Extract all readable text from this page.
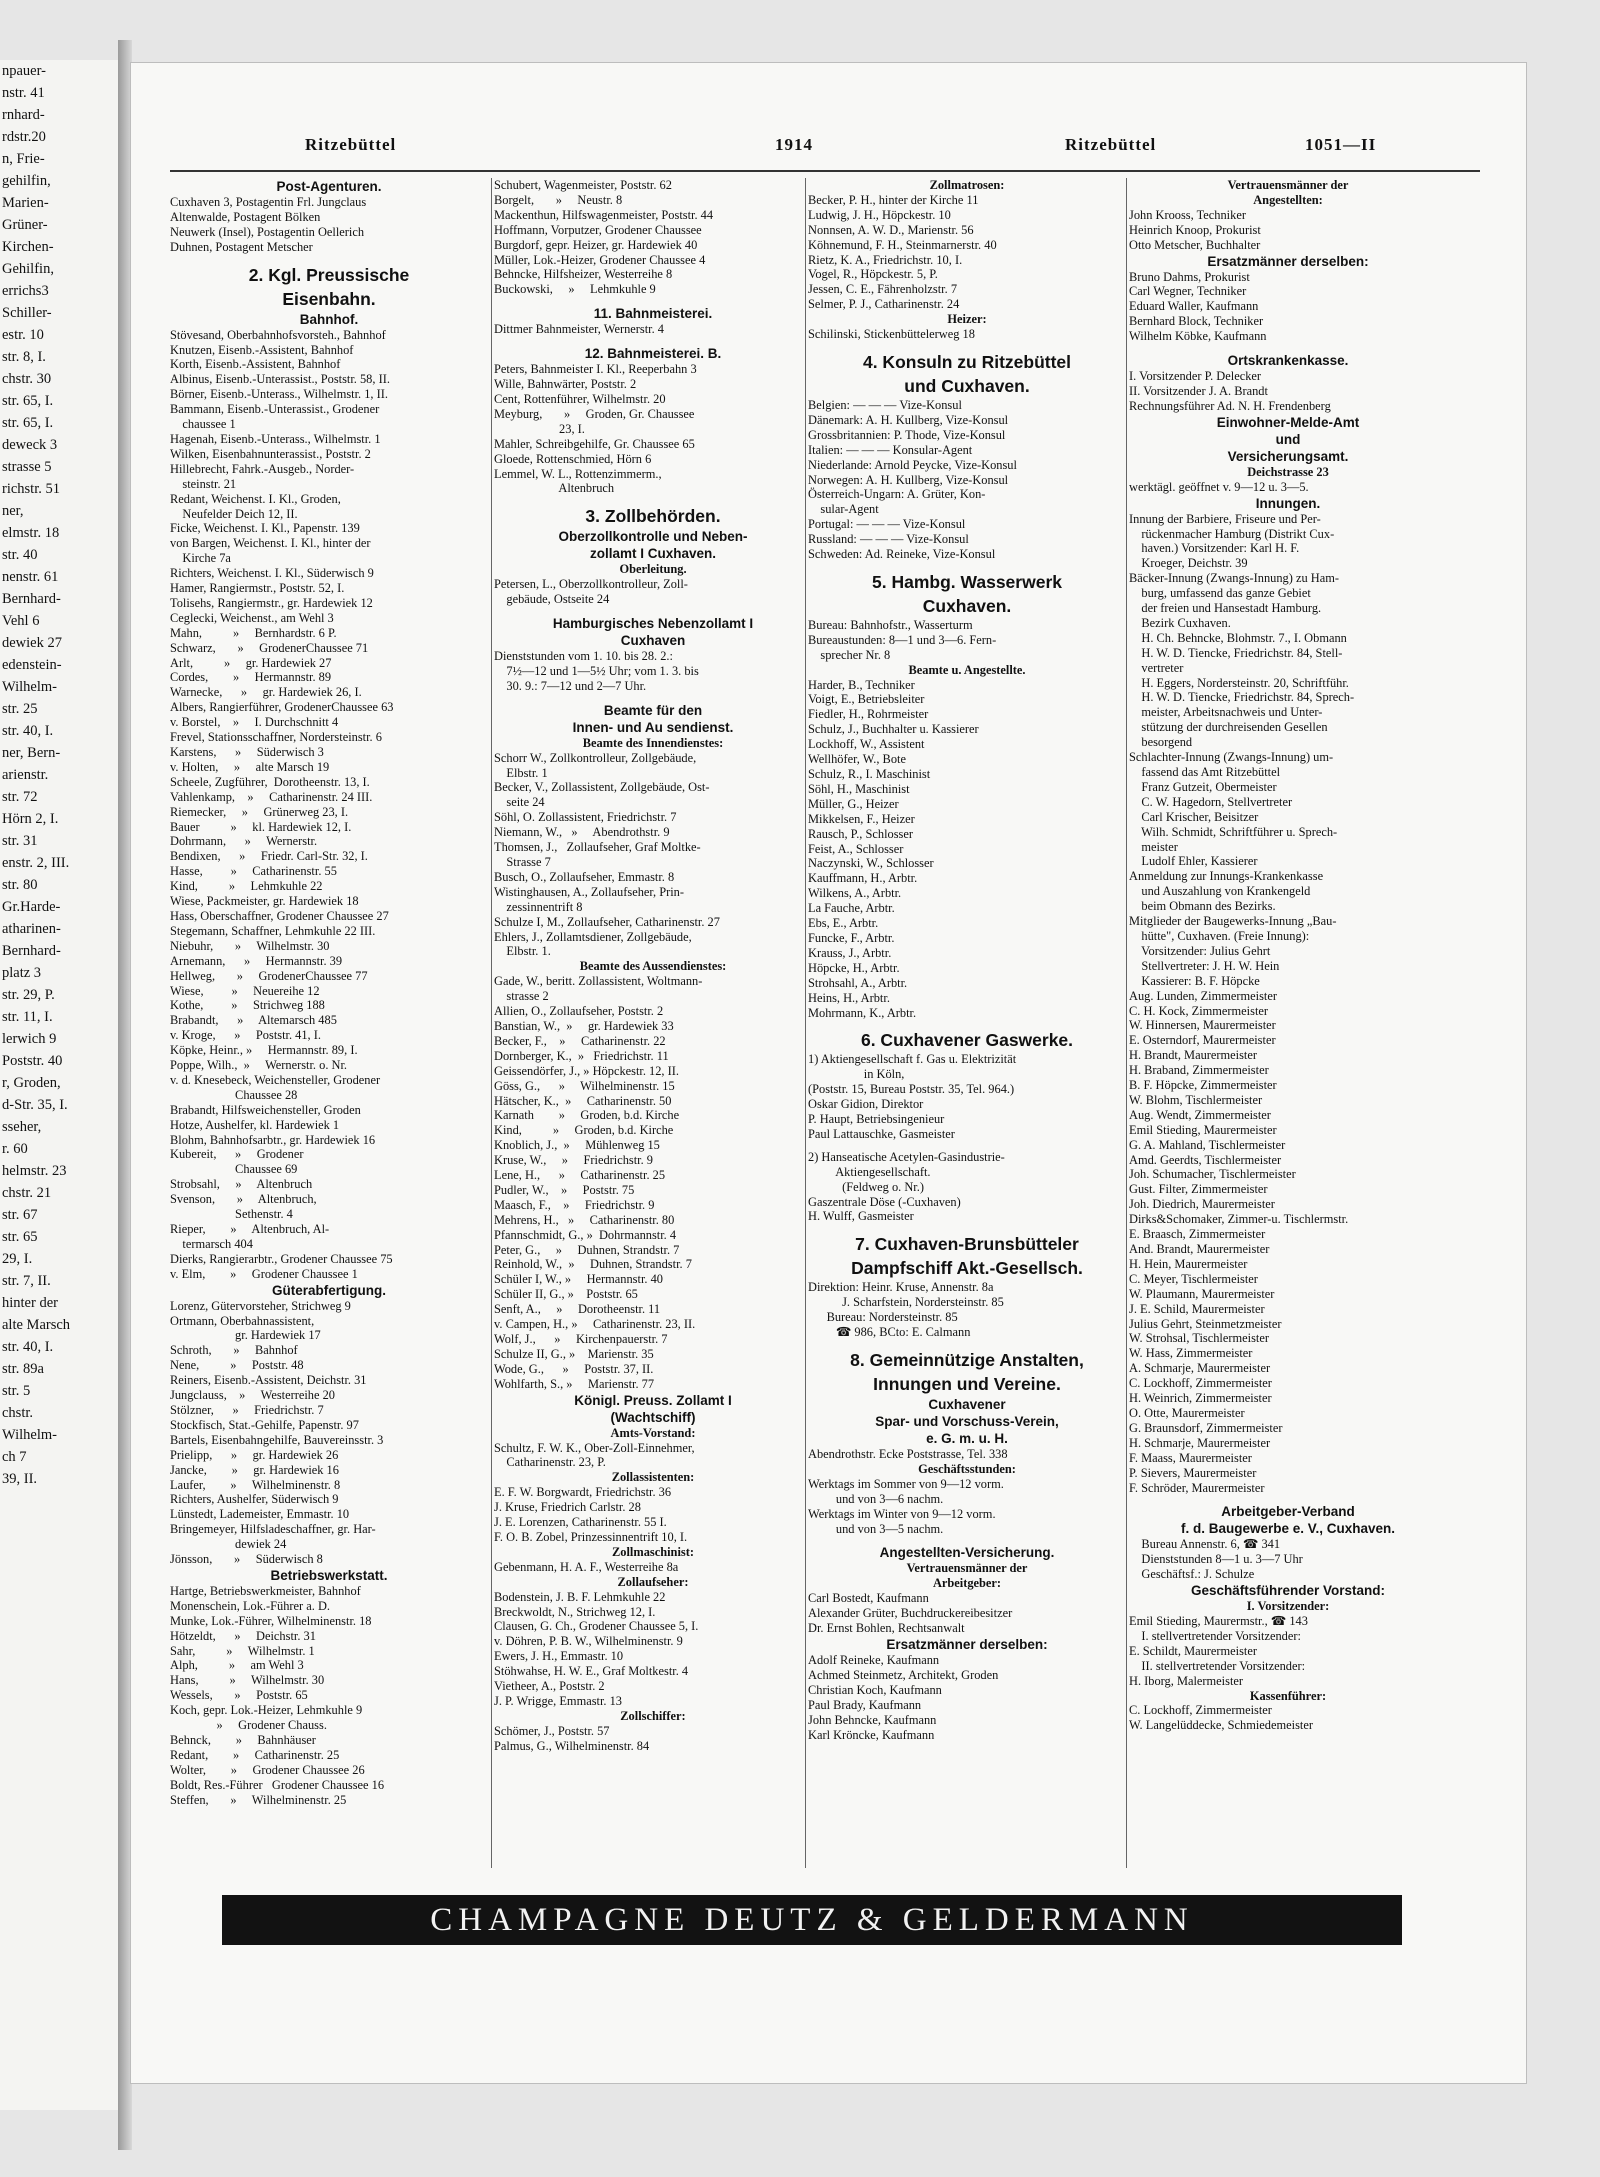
npauer-
nstr. 41
rnhard-
rdstr.20
n, Frie-
gehilfin,
Marien-
Grüner-
Kirchen-
Gehilfin,
errichs3
Schiller-
estr. 10
str. 8, I.
chstr. 30
str. 65, I.
str. 65, I.
deweck 3
strasse 5
richstr. 51
ner,
elmstr. 18
str. 40
nenstr. 61
Bernhard-
Vehl 6
dewiek 27
edenstein-
Wilhelm-
str. 25
str. 40, I.
ner, Bern-
arienstr.
str. 72
Hörn 2, I.
str. 31
enstr. 2, III.
str. 80
Gr.Harde-
atharinen-
Bernhard-
platz 3
str. 29, P.
str. 11, I.
lerwich 9
Poststr. 40
r, Groden,
d-Str. 35, I.
sseher,
r. 60
helmstr. 23
chstr. 21
str. 67
str. 65
29, I.
str. 7, II.
hinter der
alte Marsch
str. 40, I.
str. 89a
str. 5
chstr.
Wilhelm-
ch 7
39, II.
Ritzebüttel	1914	Ritzebüttel	1051—II
Post-Agenturen.
Cuxhaven 3, Postagentin Frl. Jungclaus
Altenwalde, Postagent Bölken
Neuwerk (Insel), Postagentin Oellerich
Duhnen, Postagent Metscher
2. Kgl. Preussische
Eisenbahn.
Bahnhof.
Stövesand, Oberbahnhofsvorsteh., Bahnhof
Knutzen, Eisenb.-Assistent, Bahnhof
Korth, Eisenb.-Assistent, Bahnhof
Albinus, Eisenb.-Unterassist., Poststr. 58, II.
Börner, Eisenb.-Unterass., Wilhelmstr. 1, II.
Bammann, Eisenb.-Unterassist., Grodener
chaussee 1
Hagenah, Eisenb.-Unterass., Wilhelmstr. 1
Wilken, Eisenbahnunterassist., Poststr. 2
Hillebrecht, Fahrk.-Ausgeb., Norder-
steinstr. 21
Redant, Weichenst. I. Kl., Groden,
Neufelder Deich 12, II.
Ficke, Weichenst. I. Kl., Papenstr. 139
von Bargen, Weichenst. I. Kl., hinter der
Kirche 7a
Richters, Weichenst. I. Kl., Süderwisch 9
Hamer, Rangiermstr., Poststr. 52, I.
Tolisehs, Rangiermstr., gr. Hardewiek 12
Ceglecki, Weichenst., am Wehl 3
Mahn,          »     Bernhardstr. 6 P.
Schwarz,       »     GrodenerChaussee 71
Arlt,          »     gr. Hardewiek 27
Cordes,        »     Hermannstr. 89
Warnecke,      »     gr. Hardewiek 26, I.
Albers, Rangierführer, GrodenerChaussee 63
v. Borstel,    »     I. Durchschnitt 4
Frevel, Stationsschaffner, Nordersteinstr. 6
Karstens,      »     Süderwisch 3
v. Holten,     »     alte Marsch 19
Scheele, Zugführer,  Dorotheenstr. 13, I.
Vahlenkamp,    »     Catharinenstr. 24 III.
Riemecker,     »     Grünerweg 23, I.
Bauer          »     kl. Hardewiek 12, I.
Dohrmann,      »     Wernerstr.
Bendixen,      »     Friedr. Carl-Str. 32, I.
Hasse,         »     Catharinenstr. 55
Kind,          »     Lehmkuhle 22
Wiese, Packmeister, gr. Hardewiek 18
Hass, Oberschaffner, Grodener Chaussee 27
Stegemann, Schaffner, Lehmkuhle 22 III.
Niebuhr,       »     Wilhelmstr. 30
Arnemann,      »     Hermannstr. 39
Hellweg,       »     GrodenerChaussee 77
Wiese,         »     Neuereihe 12
Kothe,         »     Strichweg 188
Brabandt,      »     Altemarsch 485
v. Kroge,      »     Poststr. 41, I.
Köpke, Heinr., »     Hermannstr. 89, I.
Poppe, Wilh.,  »     Wernerstr. o. Nr.
v. d. Knesebeck, Weichensteller, Grodener
Chaussee 28
Brabandt, Hilfsweichensteller, Groden
Hotze, Aushelfer, kl. Hardewiek 1
Blohm, Bahnhofsarbtr., gr. Hardewiek 16
Kubereit,      »     Grodener
Chaussee 69
Strobsahl,     »     Altenbruch
Svenson,       »     Altenbruch,
Sethenstr. 4
Rieper,        »     Altenbruch, Al-
termarsch 404
Dierks, Rangierarbtr., Grodener Chaussee 75
v. Elm,        »     Grodener Chaussee 1
Güterabfertigung.
Lorenz, Gütervorsteher, Strichweg 9
Ortmann, Oberbahnassistent,
gr. Hardewiek 17
Schroth,       »     Bahnhof
Nene,          »     Poststr. 48
Reiners, Eisenb.-Assistent, Deichstr. 31
Jungclauss,    »     Westerreihe 20
Stölzner,      »     Friedrichstr. 7
Stockfisch, Stat.-Gehilfe, Papenstr. 97
Bartels, Eisenbahngehilfe, Bauvereinsstr. 3
Prielipp,      »     gr. Hardewiek 26
Jancke,        »     gr. Hardewiek 16
Laufer,        »     Wilhelminenstr. 8
Richters, Aushelfer, Süderwisch 9
Lünstedt, Lademeister, Emmastr. 10
Bringemeyer, Hilfsladeschaffner, gr. Har-
dewiek 24
Jönsson,       »     Süderwisch 8
Betriebswerkstatt.
Hartge, Betriebswerkmeister, Bahnhof
Monenschein, Lok.-Führer a. D.
Munke, Lok.-Führer, Wilhelminenstr. 18
Hötzeldt,      »     Deichstr. 31
Sahr,          »     Wilhelmstr. 1
Alph,          »     am Wehl 3
Hans,          »     Wilhelmstr. 30
Wessels,       »     Poststr. 65
Koch, gepr. Lok.-Heizer, Lehmkuhle 9
»     Grodener Chauss.
Behnck,        »     Bahnhäuser
Redant,        »     Catharinenstr. 25
Wolter,        »     Grodener Chaussee 26
Boldt, Res.-Führer   Grodener Chaussee 16
Steffen,       »     Wilhelminenstr. 25
Schubert, Wagenmeister, Poststr. 62
Borgelt,       »     Neustr. 8
Mackenthun, Hilfswagenmeister, Poststr. 44
Hoffmann, Vorputzer, Grodener Chaussee
Burgdorf, gepr. Heizer, gr. Hardewiek 40
Müller, Lok.-Heizer, Grodener Chaussee 4
Behncke, Hilfsheizer, Westerreihe 8
Buckowski,     »     Lehmkuhle 9
11. Bahnmeisterei.
Dittmer Bahnmeister, Wernerstr. 4
12. Bahnmeisterei. B.
Peters, Bahnmeister I. Kl., Reeperbahn 3
Wille, Bahnwärter, Poststr. 2
Cent, Rottenführer, Wilhelmstr. 20
Meyburg,       »     Groden, Gr. Chaussee
23, I.
Mahler, Schreibgehilfe, Gr. Chaussee 65
Gloede, Rottenschmied, Hörn 6
Lemmel, W. L., Rottenzimmerm.,
Altenbruch
3. Zollbehörden.
Oberzollkontrolle und Neben-
zollamt I Cuxhaven.
Oberleitung.
Petersen, L., Oberzollkontrolleur, Zoll-
gebäude, Ostseite 24
Hamburgisches Nebenzollamt I
Cuxhaven
Dienststunden vom 1. 10. bis 28. 2.:
7½—12 und 1—5½ Uhr; vom 1. 3. bis
30. 9.: 7—12 und 2—7 Uhr.
Beamte für den
Innen- und Au sendienst.
Beamte des Innendienstes:
Schorr W., Zollkontrolleur, Zollgebäude,
Elbstr. 1
Becker, V., Zollassistent, Zollgebäude, Ost-
seite 24
Söhl, O. Zollassistent, Friedrichstr. 7
Niemann, W.,   »     Abendrothstr. 9
Thomsen, J.,   Zollaufseher, Graf Moltke-
Strasse 7
Busch, O., Zollaufseher, Emmastr. 8
Wistinghausen, A., Zollaufseher, Prin-
zessinnentrift 8
Schulze I, M., Zollaufseher, Catharinenstr. 27
Ehlers, J., Zollamtsdiener, Zollgebäude,
Elbstr. 1.
Beamte des Aussendienstes:
Gade, W., beritt. Zollassistent, Woltmann-
strasse 2
Allien, O., Zollaufseher, Poststr. 2
Banstian, W.,  »     gr. Hardewiek 33
Becker, F.,    »     Catharinenstr. 22
Dornberger, K.,  »   Friedrichstr. 11
Geissendörfer, J., » Höpckestr. 12, II.
Göss, G.,      »     Wilhelminenstr. 15
Hätscher, K.,  »     Catharinenstr. 50
Karnath        »     Groden, b.d. Kirche
Kind,          »     Groden, b.d. Kirche
Knoblich, J.,  »     Mühlenweg 15
Kruse, W.,     »     Friedrichstr. 9
Lene, H.,      »     Catharinenstr. 25
Pudler, W.,    »     Poststr. 75
Maasch, F.,    »     Friedrichstr. 9
Mehrens, H.,   »     Catharinenstr. 80
Pfannschmidt, G., »  Dohrmannstr. 4
Peter, G.,     »     Duhnen, Strandstr. 7
Reinhold, W.,  »     Duhnen, Strandstr. 7
Schüler I, W., »     Hermannstr. 40
Schüler II, G., »    Poststr. 65
Senft, A.,     »     Dorotheenstr. 11
v. Campen, H., »     Catharinenstr. 23, II.
Wolf, J.,      »     Kirchenpauerstr. 7
Schulze II, G., »    Marienstr. 35
Wode, G.,      »     Poststr. 37, II.
Wohlfarth, S., »     Marienstr. 77
Königl. Preuss. Zollamt I
(Wachtschiff)
Amts-Vorstand:
Schultz, F. W. K., Ober-Zoll-Einnehmer,
Catharinenstr. 23, P.
Zollassistenten:
E. F. W. Borgwardt, Friedrichstr. 36
J. Kruse, Friedrich Carlstr. 28
J. E. Lorenzen, Catharinenstr. 55 I.
F. O. B. Zobel, Prinzessinnentrift 10, I.
Zollmaschinist:
Gebenmann, H. A. F., Westerreihe 8a
Zollaufseher:
Bodenstein, J. B. F. Lehmkuhle 22
Breckwoldt, N., Strichweg 12, I.
Clausen, G. Ch., Grodener Chaussee 5, I.
v. Döhren, P. B. W., Wilhelminenstr. 9
Ewers, J. H., Emmastr. 10
Stöhwahse, H. W. E., Graf Moltkestr. 4
Vietheer, A., Poststr. 2
J. P. Wrigge, Emmastr. 13
Zollschiffer:
Schömer, J., Poststr. 57
Palmus, G., Wilhelminenstr. 84
Zollmatrosen:
Becker, P. H., hinter der Kirche 11
Ludwig, J. H., Höpckestr. 10
Nonnsen, A. W. D., Marienstr. 56
Köhnemund, F. H., Steinmarnerstr. 40
Rietz, K. A., Friedrichstr. 10, I.
Vogel, R., Höpckestr. 5, P.
Jessen, C. E., Fährenholzstr. 7
Selmer, P. J., Catharinenstr. 24
Heizer:
Schilinski, Stickenbüttelerweg 18
4. Konsuln zu Ritzebüttel
und Cuxhaven.
Belgien: — — — Vize-Konsul
Dänemark: A. H. Kullberg, Vize-Konsul
Grossbritannien: P. Thode, Vize-Konsul
Italien: — — — Konsular-Agent
Niederlande: Arnold Peycke, Vize-Konsul
Norwegen: A. H. Kullberg, Vize-Konsul
Österreich-Ungarn: A. Grüter, Kon-
sular-Agent
Portugal: — — — Vize-Konsul
Russland: — — — Vize-Konsul
Schweden: Ad. Reineke, Vize-Konsul
5. Hambg. Wasserwerk
Cuxhaven.
Bureau: Bahnhofstr., Wasserturm
Bureaustunden: 8—1 und 3—6. Fern-
sprecher Nr. 8
Beamte u. Angestellte.
Harder, B., Techniker
Voigt, E., Betriebsleiter
Fiedler, H., Rohrmeister
Schulz, J., Buchhalter u. Kassierer
Lockhoff, W., Assistent
Wellhöfer, W., Bote
Schulz, R., I. Maschinist
Söhl, H., Maschinist
Müller, G., Heizer
Mikkelsen, F., Heizer
Rausch, P., Schlosser
Feist, A., Schlosser
Naczynski, W., Schlosser
Kauffmann, H., Arbtr.
Wilkens, A., Arbtr.
La Fauche, Arbtr.
Ebs, E., Arbtr.
Funcke, F., Arbtr.
Krauss, J., Arbtr.
Höpcke, H., Arbtr.
Strohsahl, A., Arbtr.
Heins, H., Arbtr.
Mohrmann, K., Arbtr.
6. Cuxhavener Gaswerke.
1) Aktiengesellschaft f. Gas u. Elektrizität
in Köln,
(Poststr. 15, Bureau Poststr. 35, Tel. 964.)
Oskar Gidion, Direktor
P. Haupt, Betriebsingenieur
Paul Lattauschke, Gasmeister
2) Hanseatische Acetylen-Gasindustrie-
Aktiengesellschaft.
(Feldweg o. Nr.)
Gaszentrale Döse (-Cuxhaven)
H. Wulff, Gasmeister
7. Cuxhaven-Brunsbütteler
Dampfschiff Akt.-Gesellsch.
Direktion: Heinr. Kruse, Annenstr. 8a
J. Scharfstein, Nordersteinstr. 85
Bureau: Nordersteinstr. 85
☎ 986, BCto: E. Calmann
8. Gemeinnützige Anstalten,
Innungen und Vereine.
Cuxhavener
Spar- und Vorschuss-Verein,
e. G. m. u. H.
Abendrothstr. Ecke Poststrasse, Tel. 338
Geschäftsstunden:
Werktags im Sommer von 9—12 vorm.
und von 3—6 nachm.
Werktags im Winter von 9—12 vorm.
und von 3—5 nachm.
Angestellten-Versicherung.
Vertrauensmänner der
Arbeitgeber:
Carl Bostedt, Kaufmann
Alexander Grüter, Buchdruckereibesitzer
Dr. Ernst Bohlen, Rechtsanwalt
Ersatzmänner derselben:
Adolf Reineke, Kaufmann
Achmed Steinmetz, Architekt, Groden
Christian Koch, Kaufmann
Paul Brady, Kaufmann
John Behncke, Kaufmann
Karl Kröncke, Kaufmann
Vertrauensmänner der
Angestellten:
John Krooss, Techniker
Heinrich Knoop, Prokurist
Otto Metscher, Buchhalter
Ersatzmänner derselben:
Bruno Dahms, Prokurist
Carl Wegner, Techniker
Eduard Waller, Kaufmann
Bernhard Block, Techniker
Wilhelm Köbke, Kaufmann
Ortskrankenkasse.
I. Vorsitzender P. Delecker
II. Vorsitzender J. A. Brandt
Rechnungsführer Ad. N. H. Frendenberg
Einwohner-Melde-Amt
und
Versicherungsamt.
Deichstrasse 23
werktägl. geöffnet v. 9—12 u. 3—5.
Innungen.
Innung der Barbiere, Friseure und Per-
rückenmacher Hamburg (Distrikt Cux-
haven.) Vorsitzender: Karl H. F.
Kroeger, Deichstr. 39
Bäcker-Innung (Zwangs-Innung) zu Ham-
burg, umfassend das ganze Gebiet
der freien und Hansestadt Hamburg.
Bezirk Cuxhaven.
H. Ch. Behncke, Blohmstr. 7., I. Obmann
H. W. D. Tiencke, Friedrichstr. 84, Stell-
vertreter
H. Eggers, Nordersteinstr. 20, Schriftführ.
H. W. D. Tiencke, Friedrichstr. 84, Sprech-
meister, Arbeitsnachweis und Unter-
stützung der durchreisenden Gesellen
besorgend
Schlachter-Innung (Zwangs-Innung) um-
fassend das Amt Ritzebüttel
Franz Gutzeit, Obermeister
C. W. Hagedorn, Stellvertreter
Carl Krischer, Beisitzer
Wilh. Schmidt, Schriftführer u. Sprech-
meister
Ludolf Ehler, Kassierer
Anmeldung zur Innungs-Krankenkasse
und Auszahlung von Krankengeld
beim Obmann des Bezirks.
Mitglieder der Baugewerks-Innung „Bau-
hütte", Cuxhaven. (Freie Innung):
Vorsitzender: Julius Gehrt
Stellvertreter: J. H. W. Hein
Kassierer: B. F. Höpcke
Aug. Lunden, Zimmermeister
C. H. Kock, Zimmermeister
W. Hinnersen, Maurermeister
E. Osterndorf, Maurermeister
H. Brandt, Maurermeister
H. Braband, Zimmermeister
B. F. Höpcke, Zimmermeister
W. Blohm, Tischlermeister
Aug. Wendt, Zimmermeister
Emil Stieding, Maurermeister
G. A. Mahland, Tischlermeister
Amd. Geerdts, Tischlermeister
Joh. Schumacher, Tischlermeister
Gust. Filter, Zimmermeister
Joh. Diedrich, Maurermeister
Dirks&Schomaker, Zimmer-u. Tischlermstr.
E. Braasch, Zimmermeister
And. Brandt, Maurermeister
H. Hein, Maurermeister
C. Meyer, Tischlermeister
W. Plaumann, Maurermeister
J. E. Schild, Maurermeister
Julius Gehrt, Steinmetzmeister
W. Strohsal, Tischlermeister
W. Hass, Zimmermeister
A. Schmarje, Maurermeister
C. Lockhoff, Zimmermeister
H. Weinrich, Zimmermeister
O. Otte, Maurermeister
G. Braunsdorf, Zimmermeister
H. Schmarje, Maurermeister
F. Maass, Maurermeister
P. Sievers, Maurermeister
F. Schröder, Maurermeister
Arbeitgeber-Verband
f. d. Baugewerbe e. V., Cuxhaven.
Bureau Annenstr. 6, ☎ 341
Dienststunden 8—1 u. 3—7 Uhr
Geschäftsf.: J. Schulze
Geschäftsführender Vorstand:
I. Vorsitzender:
Emil Stieding, Maurermstr., ☎ 143
I. stellvertretender Vorsitzender:
E. Schildt, Maurermeister
II. stellvertretender Vorsitzender:
H. Iborg, Malermeister
Kassenführer:
C. Lockhoff, Zimmermeister
W. Langelüddecke, Schmiedemeister
CHAMPAGNE DEUTZ & GELDERMANN
